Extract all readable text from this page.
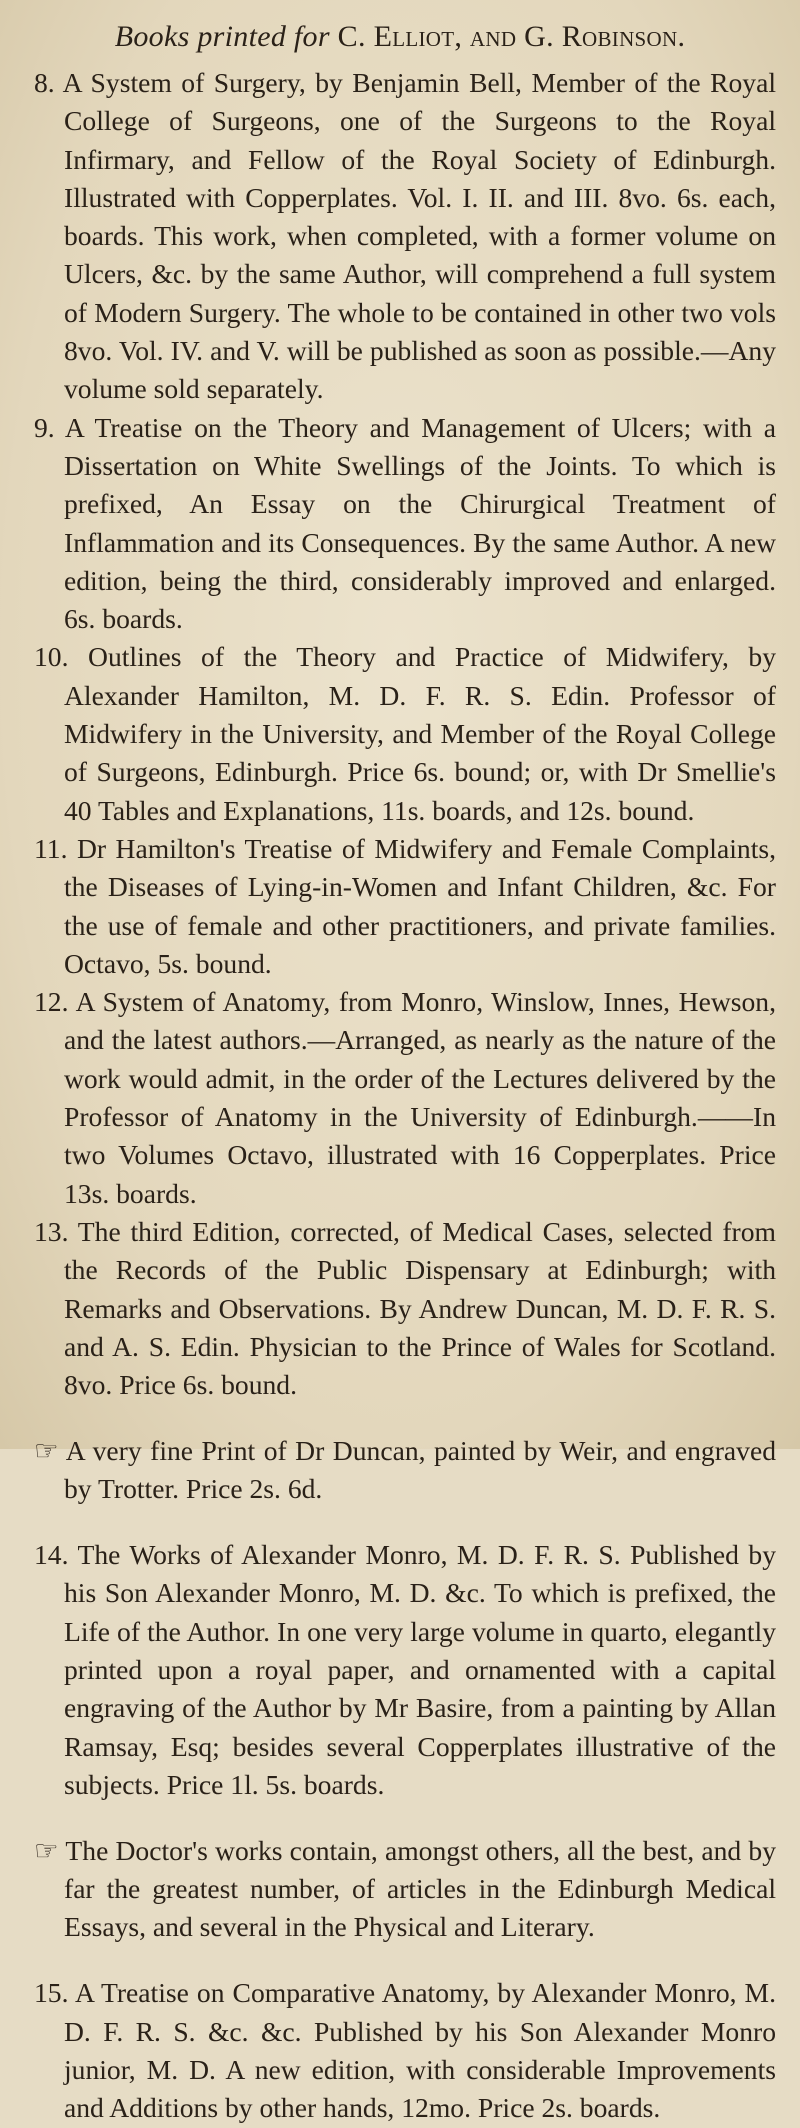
Books printed for C. Elliot, and G. Robinson.

8. A System of Surgery, by Benjamin Bell, Member of the Royal College of Surgeons, one of the Surgeons to the Royal Infirmary, and Fellow of the Royal Society of Edinburgh. Illustrated with Copperplates. Vol. I. II. and III. 8vo. 6s. each, boards. This work, when completed, with a former volume on Ulcers, &c. by the same Author, will comprehend a full system of Modern Surgery. The whole to be contained in other two vols 8vo. Vol. IV. and V. will be published as soon as possible.—Any volume sold separately.

9. A Treatise on the Theory and Management of Ulcers; with a Dissertation on White Swellings of the Joints. To which is prefixed, An Essay on the Chirurgical Treatment of Inflammation and its Consequences. By the same Author. A new edition, being the third, considerably improved and enlarged. 6s. boards.

10. Outlines of the Theory and Practice of Midwifery, by Alexander Hamilton, M. D. F. R. S. Edin. Professor of Midwifery in the University, and Member of the Royal College of Surgeons, Edinburgh. Price 6s. bound; or, with Dr Smellie's 40 Tables and Explanations, 11s. boards, and 12s. bound.

11. Dr Hamilton's Treatise of Midwifery and Female Complaints, the Diseases of Lying-in-Women and Infant Children, &c. For the use of female and other practitioners, and private families. Octavo, 5s. bound.

12. A System of Anatomy, from Monro, Winslow, Innes, Hewson, and the latest authors.—Arranged, as nearly as the nature of the work would admit, in the order of the Lectures delivered by the Professor of Anatomy in the University of Edinburgh.——In two Volumes Octavo, illustrated with 16 Copperplates. Price 13s. boards.

13. The third Edition, corrected, of Medical Cases, selected from the Records of the Public Dispensary at Edinburgh; with Remarks and Observations. By Andrew Duncan, M. D. F. R. S. and A. S. Edin. Physician to the Prince of Wales for Scotland. 8vo. Price 6s. bound.

☞ A very fine Print of Dr Duncan, painted by Weir, and engraved by Trotter. Price 2s. 6d.

14. The Works of Alexander Monro, M. D. F. R. S. Published by his Son Alexander Monro, M. D. &c. To which is prefixed, the Life of the Author. In one very large volume in quarto, elegantly printed upon a royal paper, and ornamented with a capital engraving of the Author by Mr Basire, from a painting by Allan Ramsay, Esq; besides several Copperplates illustrative of the subjects. Price 1l. 5s. boards.

☞ The Doctor's works contain, amongst others, all the best, and by far the greatest number, of articles in the Edinburgh Medical Essays, and several in the Physical and Literary.

15. A Treatise on Comparative Anatomy, by Alexander Monro, M. D. F. R. S. &c. &c. Published by his Son Alexander Monro junior, M. D. A new edition, with considerable Improvements and Additions by other hands, 12mo. Price 2s. boards.
